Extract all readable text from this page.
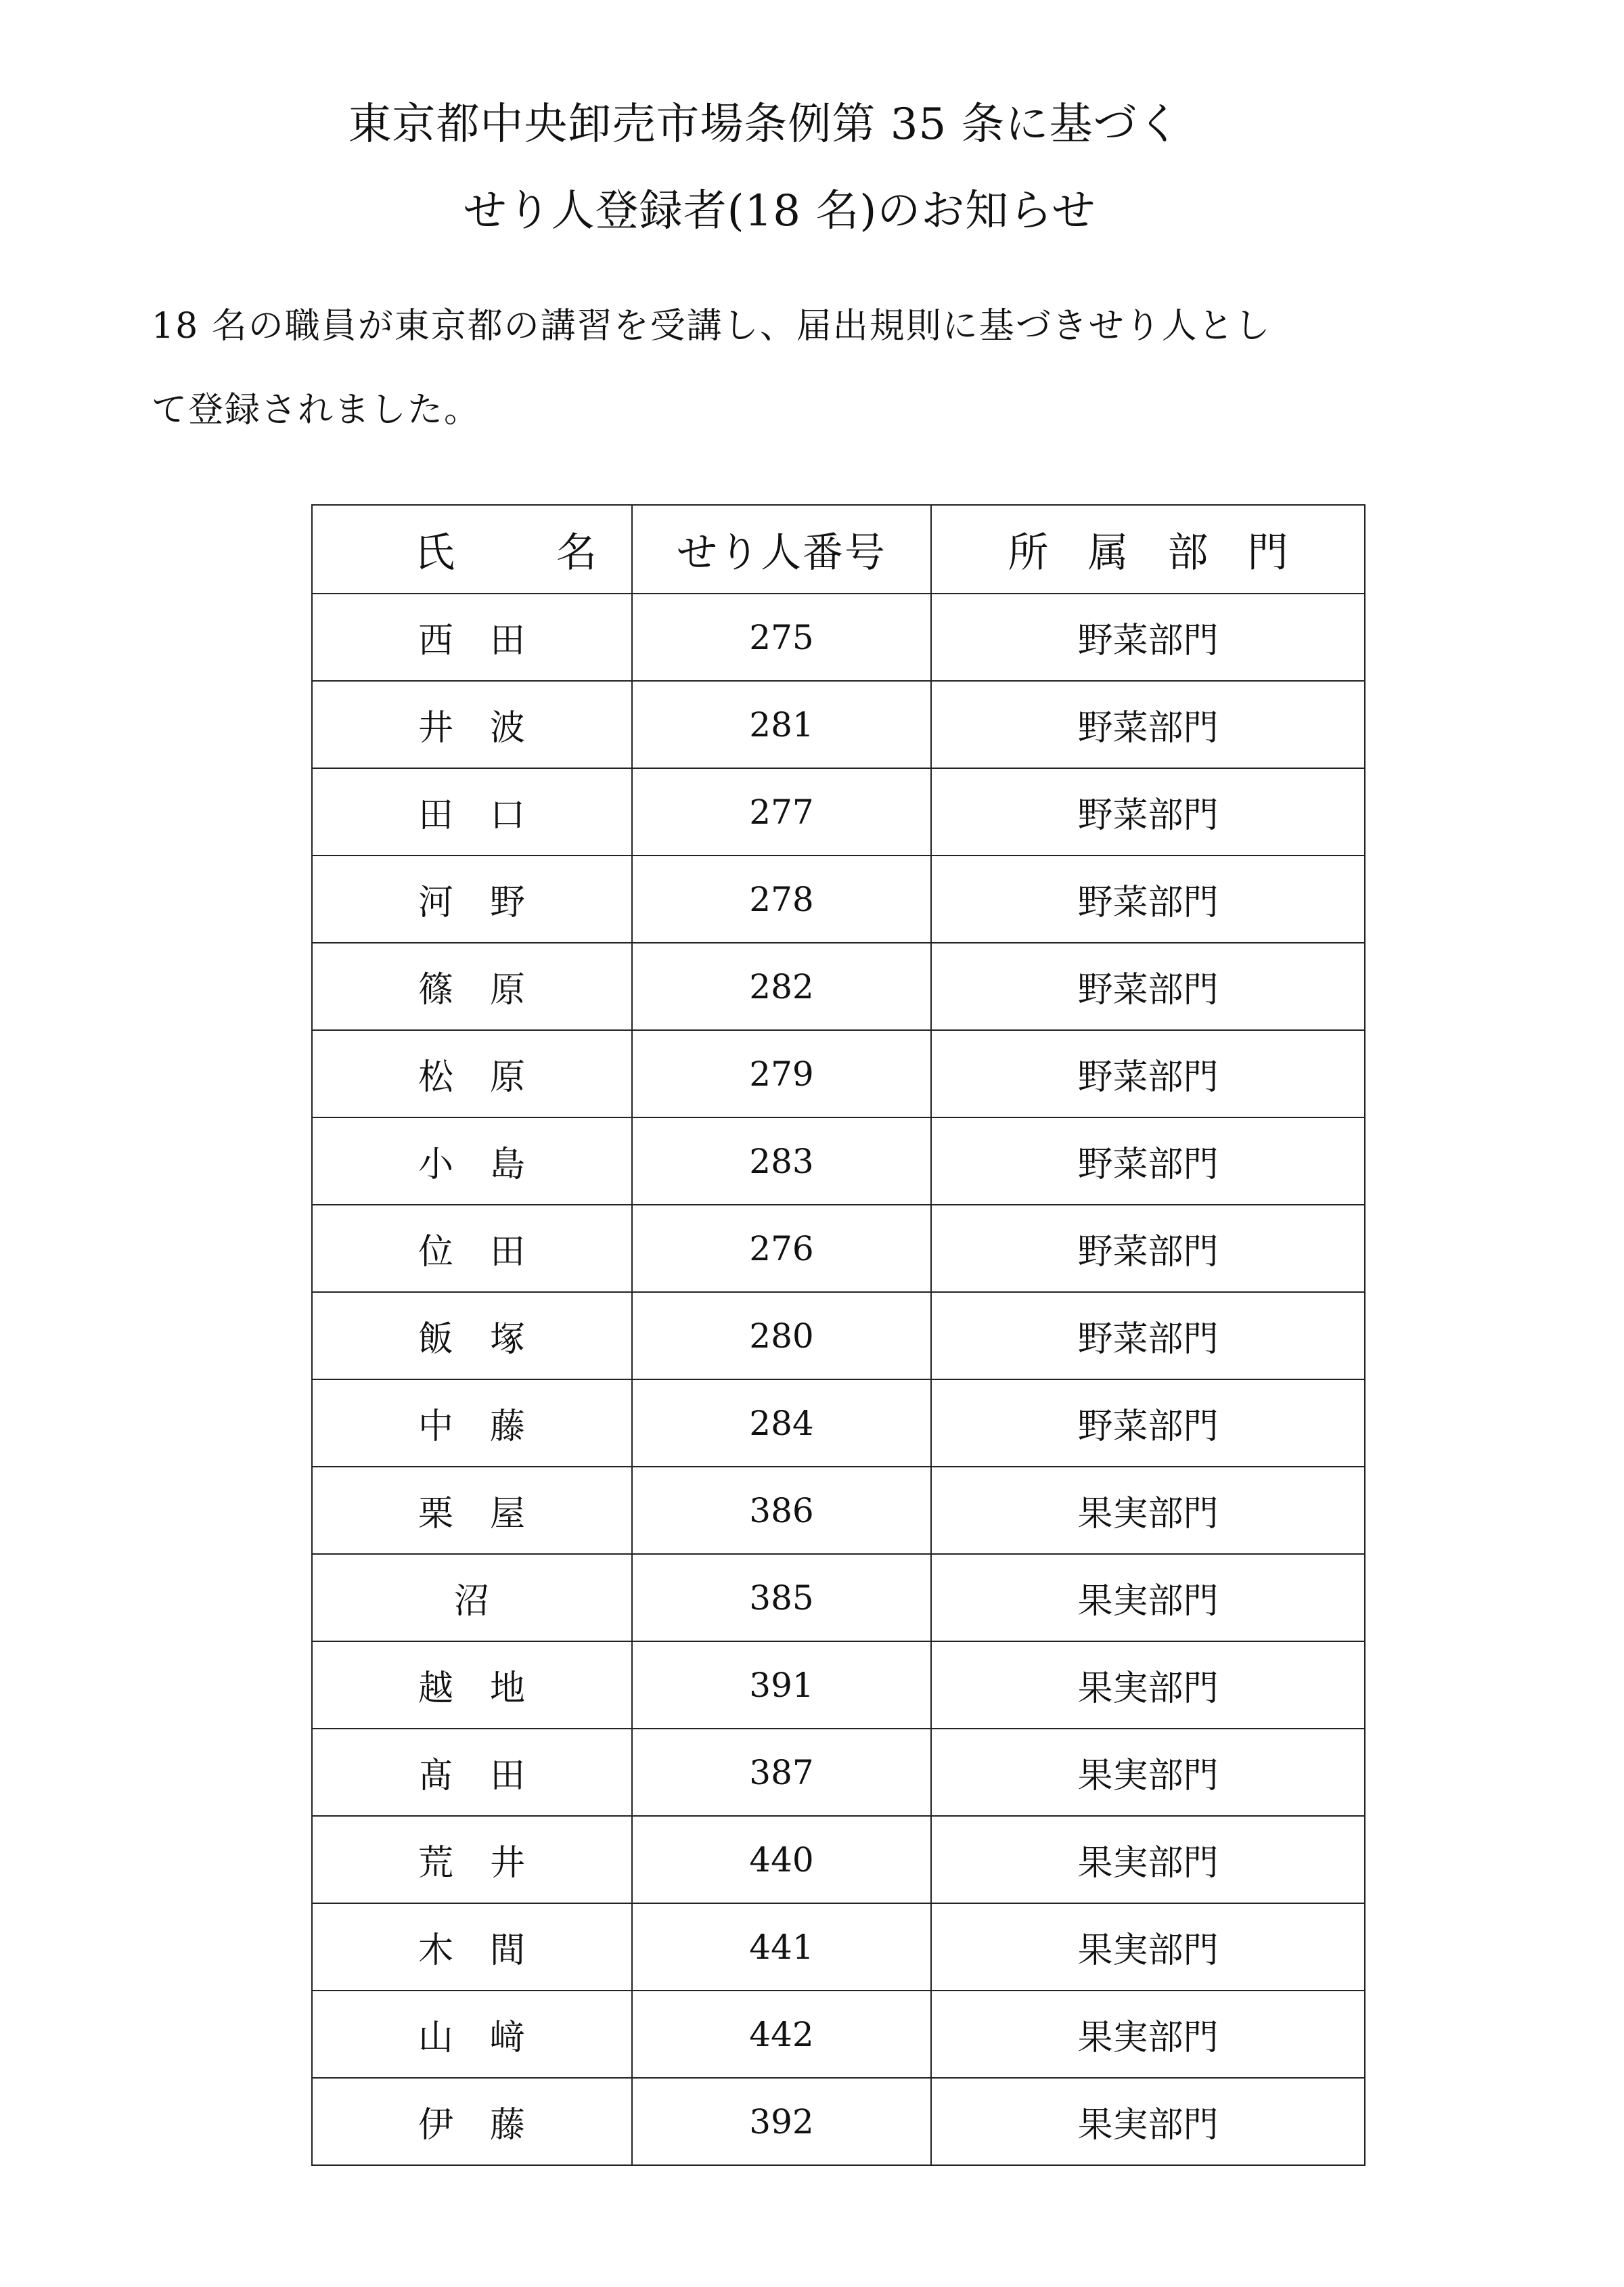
東京都中央卸売市場条例第 35 条に基づく
せり人登録者(18 名)のお知らせ
18 名の職員が東京都の講習を受講し、届出規則に基づきせり人とし
て登録されました。
氏名	せり人番号	所属部門
西　田	275	野菜部門
井　波	281	野菜部門
田　口	277	野菜部門
河　野	278	野菜部門
篠　原	282	野菜部門
松　原	279	野菜部門
小　島	283	野菜部門
位　田	276	野菜部門
飯　塚	280	野菜部門
中　藤	284	野菜部門
栗　屋	386	果実部門
沼	385	果実部門
越　地	391	果実部門
髙　田	387	果実部門
荒　井	440	果実部門
木　間	441	果実部門
山　﨑	442	果実部門
伊　藤	392	果実部門
